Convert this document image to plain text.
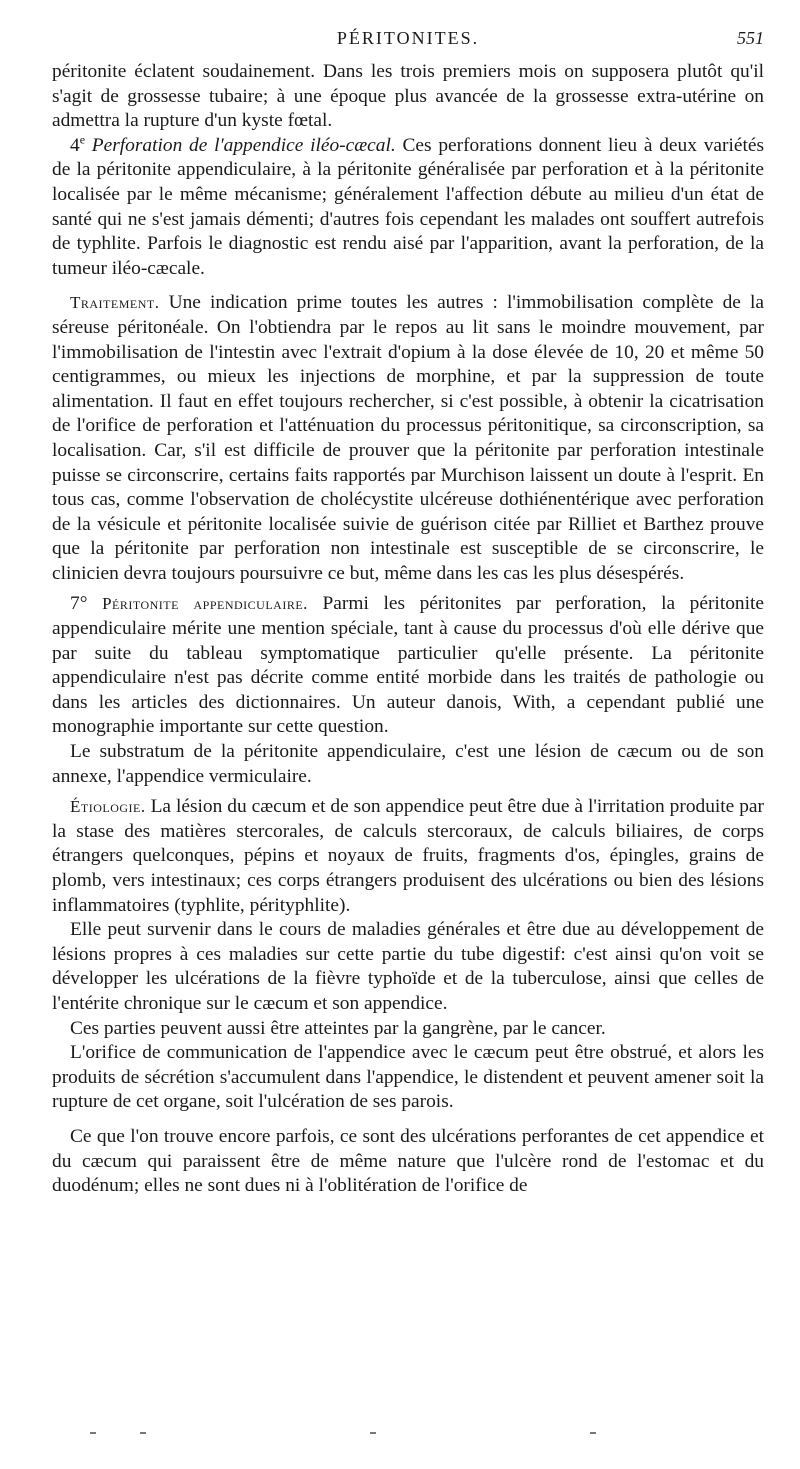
PÉRITONITES.	551

péritonite éclatent soudainement. Dans les trois premiers mois on supposera plutôt qu'il s'agit de grossesse tubaire; à une époque plus avancée de la grossesse extra-utérine on admettra la rupture d'un kyste fœtal.

4e Perforation de l'appendice iléo-cæcal. Ces perforations donnent lieu à deux variétés de la péritonite appendiculaire, à la péritonite généralisée par perforation et à la péritonite localisée par le même mécanisme; généralement l'affection débute au milieu d'un état de santé qui ne s'est jamais démenti; d'autres fois cependant les malades ont souffert autrefois de typhlite. Parfois le diagnostic est rendu aisé par l'apparition, avant la perforation, de la tumeur iléo-cæcale.

Traitement. Une indication prime toutes les autres : l'immobilisation complète de la séreuse péritonéale. On l'obtiendra par le repos au lit sans le moindre mouvement, par l'immobilisation de l'intestin avec l'extrait d'opium à la dose élevée de 10, 20 et même 50 centigrammes, ou mieux les injections de morphine, et par la suppression de toute alimentation. Il faut en effet toujours rechercher, si c'est possible, à obtenir la cicatrisation de l'orifice de perforation et l'atténuation du processus péritonitique, sa circonscription, sa localisation. Car, s'il est difficile de prouver que la péritonite par perforation intestinale puisse se circonscrire, certains faits rapportés par Murchison laissent un doute à l'esprit. En tous cas, comme l'observation de cholécystite ulcéreuse dothiénentérique avec perforation de la vésicule et péritonite localisée suivie de guérison citée par Rilliet et Barthez prouve que la péritonite par perforation non intestinale est susceptible de se circonscrire, le clinicien devra toujours poursuivre ce but, même dans les cas les plus désespérés.

7° Péritonite appendiculaire. Parmi les péritonites par perforation, la péritonite appendiculaire mérite une mention spéciale, tant à cause du processus d'où elle dérive que par suite du tableau symptomatique particulier qu'elle présente. La péritonite appendiculaire n'est pas décrite comme entité morbide dans les traités de pathologie ou dans les articles des dictionnaires. Un auteur danois, With, a cependant publié une monographie importante sur cette question.

Le substratum de la péritonite appendiculaire, c'est une lésion de cæcum ou de son annexe, l'appendice vermiculaire.

Étiologie. La lésion du cæcum et de son appendice peut être due à l'irritation produite par la stase des matières stercorales, de calculs stercoraux, de calculs biliaires, de corps étrangers quelconques, pépins et noyaux de fruits, fragments d'os, épingles, grains de plomb, vers intestinaux; ces corps étrangers produisent des ulcérations ou bien des lésions inflammatoires (typhlite, pérityphlite).

Elle peut survenir dans le cours de maladies générales et être due au développement de lésions propres à ces maladies sur cette partie du tube digestif: c'est ainsi qu'on voit se développer les ulcérations de la fièvre typhoïde et de la tuberculose, ainsi que celles de l'entérite chronique sur le cæcum et son appendice.

Ces parties peuvent aussi être atteintes par la gangrène, par le cancer.

L'orifice de communication de l'appendice avec le cæcum peut être obstrué, et alors les produits de sécrétion s'accumulent dans l'appendice, le distendent et peuvent amener soit la rupture de cet organe, soit l'ulcération de ses parois.

Ce que l'on trouve encore parfois, ce sont des ulcérations perforantes de cet appendice et du cæcum qui paraissent être de même nature que l'ulcère rond de l'estomac et du duodénum; elles ne sont dues ni à l'oblitération de l'orifice de
